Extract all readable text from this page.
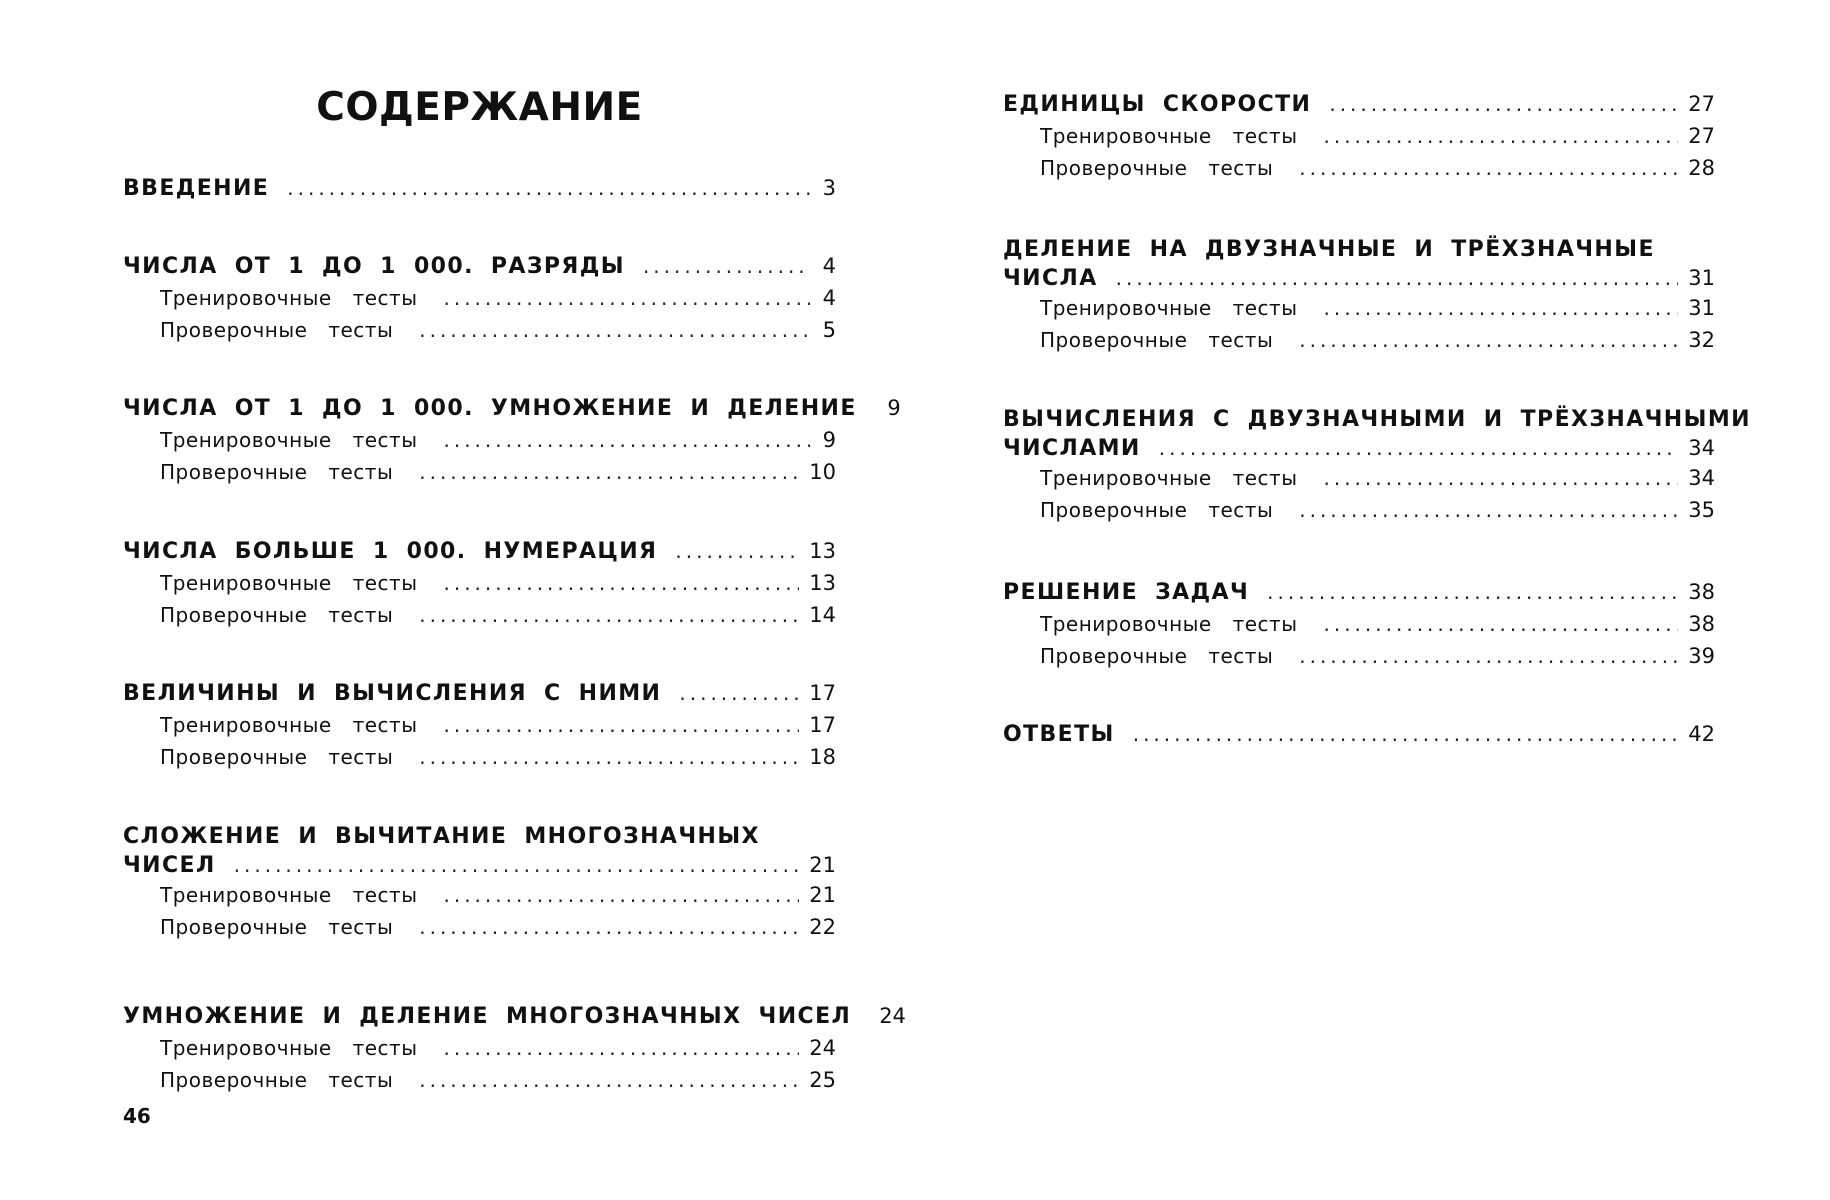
СОДЕРЖАНИЕ
ВВЕДЕНИЕ .....	3
ЧИСЛА ОТ 1 ДО 1 000. РАЗРЯДЫ .....	4
Тренировочные тесты .....	4
Проверочные тесты .....	5
ЧИСЛА ОТ 1 ДО 1 000. УМНОЖЕНИЕ И ДЕЛЕНИЕ 9
Тренировочные тесты .....	9
Проверочные тесты .....	10
ЧИСЛА БОЛЬШЕ 1 000. НУМЕРАЦИЯ .....	13
Тренировочные тесты .....	13
Проверочные тесты .....	14
ВЕЛИЧИНЫ И ВЫЧИСЛЕНИЯ С НИМИ .....	17
Тренировочные тесты .....	17
Проверочные тесты .....	18
СЛОЖЕНИЕ И ВЫЧИТАНИЕ МНОГОЗНАЧНЫХ
ЧИСЕЛ .....	21
Тренировочные тесты .....	21
Проверочные тесты .....	22
УМНОЖЕНИЕ И ДЕЛЕНИЕ МНОГОЗНАЧНЫХ ЧИСЕЛ 24
Тренировочные тесты .....	24
Проверочные тесты .....	25
ЕДИНИЦЫ СКОРОСТИ .....	27
Тренировочные тесты .....	27
Проверочные тесты .....	28
ДЕЛЕНИЕ НА ДВУЗНАЧНЫЕ И ТРЁХЗНАЧНЫЕ
ЧИСЛА .....	31
Тренировочные тесты .....	31
Проверочные тесты .....	32
ВЫЧИСЛЕНИЯ С ДВУЗНАЧНЫМИ И ТРЁХЗНАЧНЫМИ
ЧИСЛАМИ .....	34
Тренировочные тесты .....	34
Проверочные тесты .....	35
РЕШЕНИЕ ЗАДАЧ .....	38
Тренировочные тесты .....	38
Проверочные тесты .....	39
ОТВЕТЫ .....	42
46
